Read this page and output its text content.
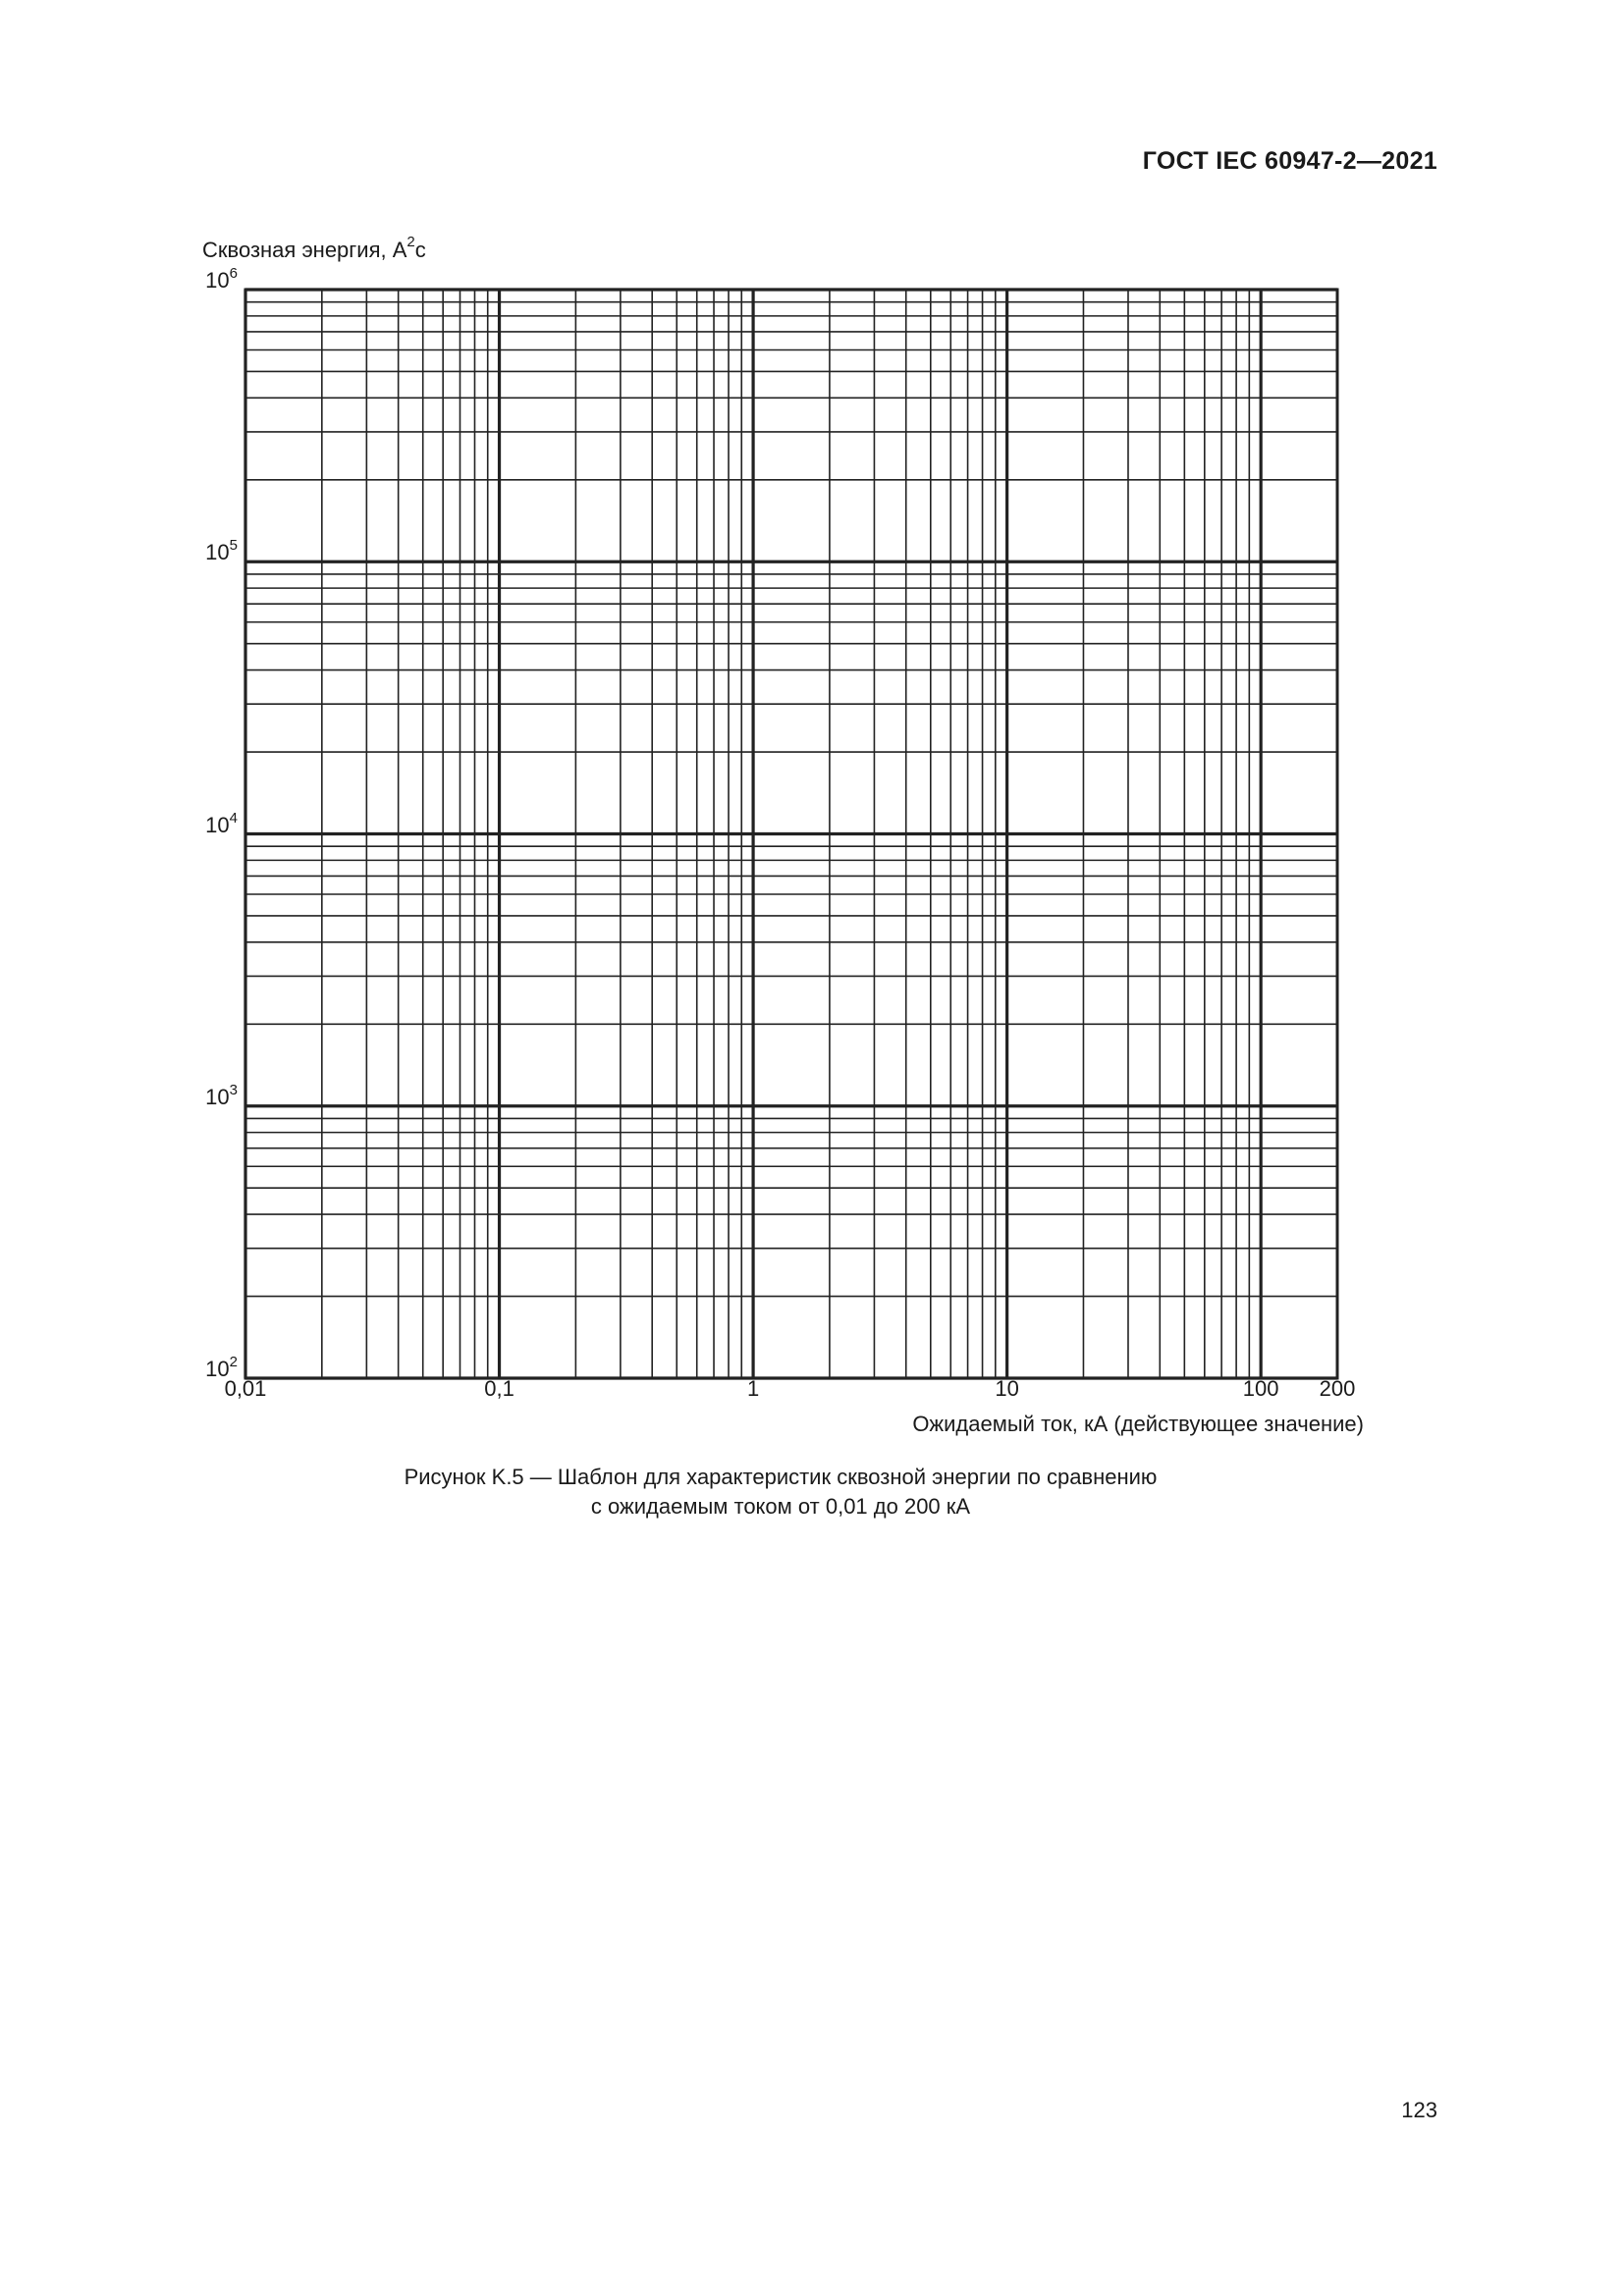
ГОСТ IEC 60947-2—2021
Сквозная энергия, $A^2с$
$10^2$
$10^3$
$10^4$
$10^5$
$10^6$
0,01	0,1	1	10	100 200
Ожидаемый ток, кА (действующее значение)
Рисунок K.5 — Шаблон для характеристик сквозной энергии по сравнению
с ожидаемым током от 0,01 до 200 кА
123
